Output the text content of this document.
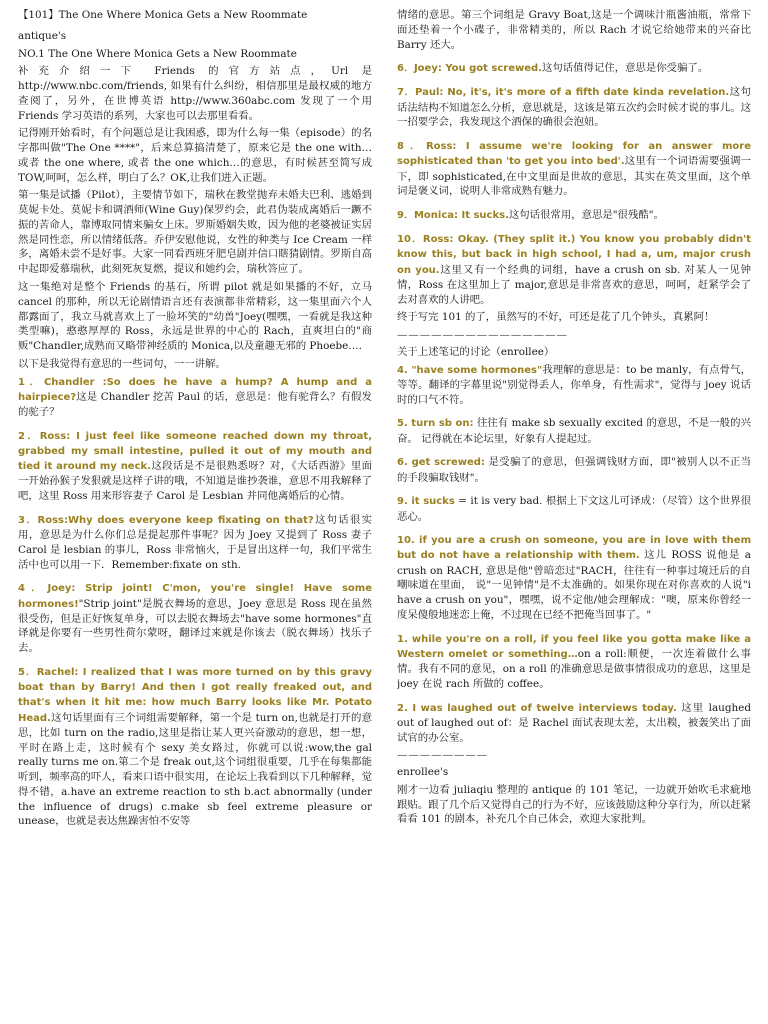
【101】The One Where Monica Gets a New Roommate

antique's

NO.1 The One Where Monica Gets a New Roommate

补充介绍一下 Friends 的官方站点，Url 是 http://www.nbc.com/friends, 如果有什么纠纷，相信那里是最权威的地方查阅了，另外，在世博英语 http://www.360abc.com 发现了一个用 Friends 学习英语的系列，大家也可以去那里看看。

记得刚开始看时，有个问题总是让我困惑，即为什么每一集（episode）的名字都叫做"The One ****"，后来总算搞清楚了，原来它是 the one with… 或者 the one where, 或者 the one which…的意思，有时候甚至简写成 TOW,呵呵，怎么样，明白了么？OK,让我们进入正题。

第一集是试播（Pilot），主要情节如下，瑞秋在教堂抛弃未婚夫巴利、逃婚到莫妮卡处。莫妮卡和调酒师(Wine Guy)保罗约会，此君伪装成离婚后一蹶不振的苦命人，靠博取同情来骗女上床。罗斯婚姻失败，因为他的老婆被证实居然是同性恋，所以情绪低落。乔伊安慰他说，女性的种类与 Ice Cream 一样多，离婚未尝不是好事。大家一同看西班牙肥皂剧并信口瞎猜剧情。罗斯自高中起即爱慕瑞秋，此刻死灰复燃，提议和她约会，瑞秋答应了。

这一集绝对是整个 Friends 的基石，所谓 pilot 就是如果播的不好，立马 cancel 的那种，所以无论剧情语言还有表演都非常精彩，这一集里面六个人都露面了，我立马就喜欢上了一脸坏笑的"幼兽"Joey(嘿嘿，一看就是我这种类型嘛)，憨憨厚厚的 Ross，永远是世界的中心的 Rach，直爽坦白的"商贩"Chandler,成熟而又略带神经质的 Monica,以及童趣无邪的 Phoebe….

以下是我觉得有意思的一些词句，一一讲解。

1．Chandler :So does he have a hump? A hump and a hairpiece?这是 Chandler 挖苦 Paul 的话，意思是：他有驼背么？有假发的驼子？

2．Ross: I just feel like someone reached down my throat, grabbed my small intestine, pulled it out of my mouth and tied it around my neck.这段话是不是很熟悉呀？对，《大话西游》里面一开始孙猴子发狠就是这样子讲的哦，不知道是谁抄袭谁，意思不用我解释了吧，这里 Ross 用来形容妻子 Carol 是 Lesbian 并同他离婚后的心情。

3．Ross:Why does everyone keep fixating on that?这句话很实用，意思是为什么你们总是提起那件事呢？因为 Joey 又提到了 Ross 妻子 Carol 是 lesbian 的事儿，Ross 非常恼火，于是冒出这样一句，我们平常生活中也可以用一下．Remember:fixate on sth.

4．Joey: Strip joint! C'mon, you're single! Have some hormones!"Strip joint"是脱衣舞场的意思，Joey 意思是 Ross 现在虽然很受伤，但是正好恢复单身，可以去脱衣舞场去"have some hormones"直译就是你要有一些男性荷尔蒙呀，翻译过来就是你该去（脱衣舞场）找乐子去。

5．Rachel: I realized that I was more turned on by this gravy boat than by Barry! And then I got really freaked out, and that's when it hit me: how much Barry looks like Mr. Potato Head.这句话里面有三个词组需要解释，第一个是 turn on,也就是打开的意思，比如 turn on the radio,这里是指让某人更兴奋激动的意思，想一想，平时在路上走，这时候有个 sexy 美女路过，你就可以说:wow,the gal really turns me on.第二个是 freak out,这个词组很重要，几乎在每集都能听到，频率高的吓人，看来口语中很实用，在论坛上我看到以下几种解释，觉得不错，a.have an extreme reaction to sth b.act abnormally (under the influence of drugs) c.make sb feel extreme pleasure or unease，也就是表达焦躁害怕不安等

情绪的意思。第三个词组是 Gravy Boat,这是一个调味汁瓶酱油瓶，常常下面还垫着一个小碟子，非常精美的，所以 Rach 才说它给她带来的兴奋比 Barry 还大。

6．Joey: You got screwed.这句话值得记住，意思是你受骗了。

7．Paul: No, it's, it's more of a fifth date kinda revelation.这句话法结构不知道怎么分析，意思就是，这该是第五次约会时候才说的事儿。这一招要学会，我发现这个酒保的确很会泡妞。

8．Ross: I assume we're looking for an answer more sophisticated than 'to get you into bed'.这里有一个词语需要强调一下，即 sophisticated,在中文里面是世故的意思，其实在英文里面，这个单词是褒义词，说明人非常成熟有魅力。

9．Monica: It sucks.这句话很常用，意思是"很残酷"。

10．Ross: Okay. (They split it.) You know you probably didn't know this, but back in high school, I had a, um, major crush on you.这里又有一个经典的词组，have a crush on sb. 对某人一见钟情，Ross 在这里加上了 major,意思是非常喜欢的意思，呵呵，赶紧学会了去对喜欢的人讲吧。

终于写完 101 的了，虽然写的不好，可还是花了几个钟头，真累阿！

———————————————

关于上述笔记的讨论（enrollee）

4. "have some hormones"我理解的意思是：to be manly，有点骨气，等等。翻译的字幕里说"别觉得丢人，你单身，有性需求"，觉得与 joey 说话时的口气不符。

5. turn sb on: 往往有 make sb sexually excited 的意思，不是一般的兴奋。 记得就在本论坛里，好象有人提起过。

6. get screwed: 是受骗了的意思，但强调钱财方面，即"被别人以不正当的手段骗取钱财"。

9. it sucks = it is very bad. 根据上下文这儿可译成：（尽管）这个世界很恶心。

10. if you are a crush on someone, you are in love with them but do not have a relationship with them. 这儿 ROSS 说他是 a crush on RACH, 意思是他"曾暗恋过"RACH，往往有一种事过境迁后的自嘲味道在里面， 说"一见钟情"是不太准确的。如果你现在对你喜欢的人说"i have a crush on you"，嘿嘿，说不定他/她会理解成："噢，原来你曾经一度呆傻般地迷恋上俺，不过现在已经不把俺当回事了。"

1. while you're on a roll, if you feel like you gotta make like a Western omelet or something…on a roll:顺便，一次连着做什么事情。我有不同的意见，on a roll 的准确意思是做事情很成功的意思，这里是 joey 在说 rach 所做的 coffee。

2. I was laughed out of twelve interviews today. 这里 laughed out of laughed out of：是 Rachel 面试表现太差，太出糗，被轰笑出了面试官的办公室。

————————

enrollee's

刚才一边看 juliaqiu 整理的 antique 的 101 笔记，一边就开始吹毛求疵地跟贴。跟了几个后又觉得自己的行为不好，应该鼓励这种分享行为，所以赶紧看看 101 的剧本，补充几个自己体会，欢迎大家批判。
